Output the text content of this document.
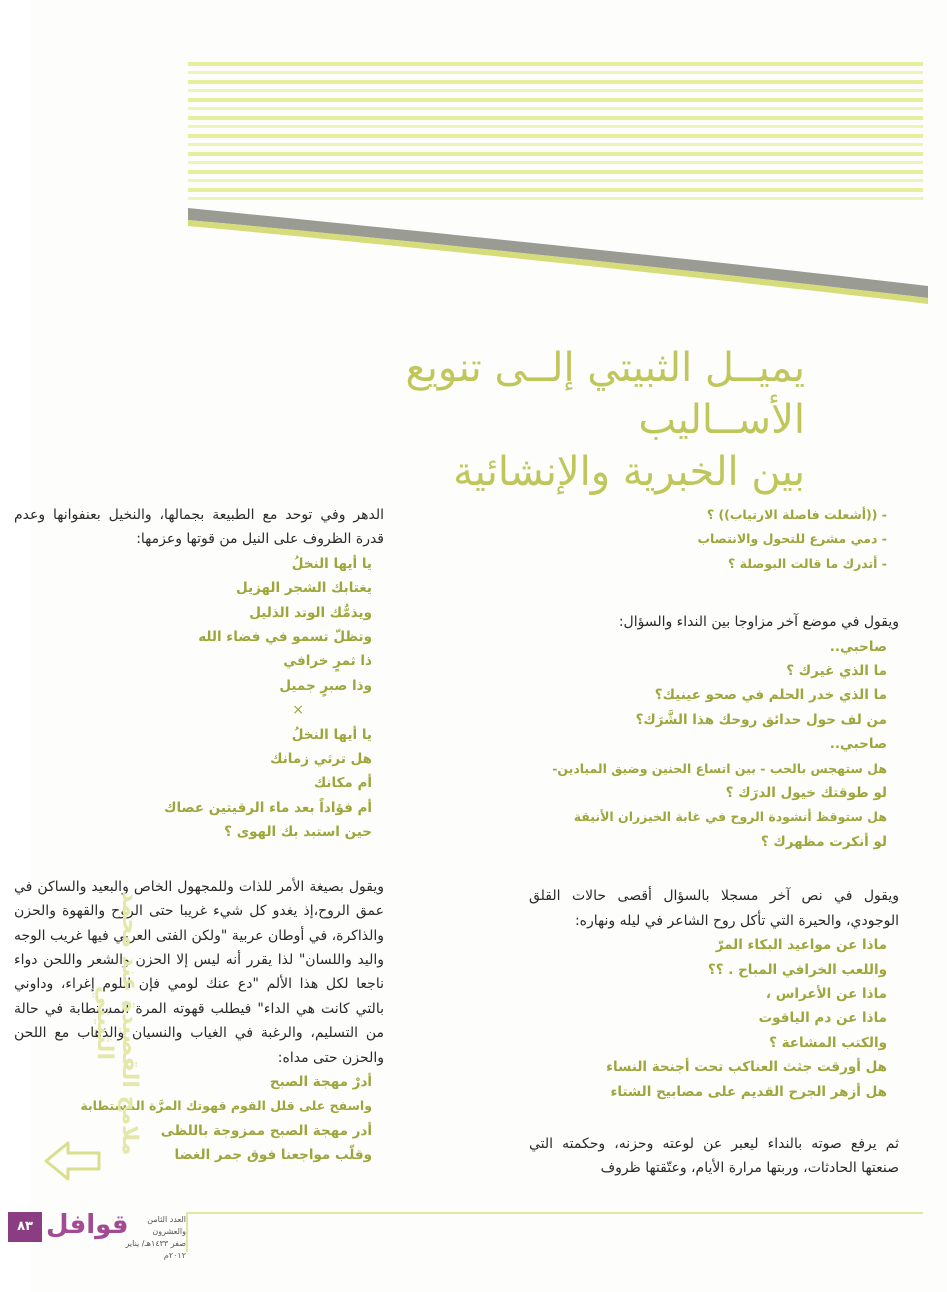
يميــل الثبيتي إلــى تنويع الأســاليب
بين الخبرية والإنشائية

- ((أشعلت فاصلة الارتياب)) ؟

- دمي مشرع للتحول والانتصاب

- أتدرك ما قالت البوصلة ؟

ويقول في موضع آخر مزاوجا بين النداء والسؤال:

صاحبي..

ما الذي غيرك ؟

ما الذي خدر الحلم في صحو عينيك؟

من لف حول حدائق روحك هذا الشَّرَك؟

صاحبي..

هل ستهجس بالحب - بين اتساع الحنين وضيق الميادين-

لو طوقتك خيول الدرَك ؟

هل ستوقظ أنشودة الروح في غابة الخيزران الأنيقة

لو أنكرت مظهرك ؟

ويقول في نص آخر مسجلا بالسؤال أقصى حالات القلق الوجودي، والحيرة التي تأكل روح الشاعر في ليله ونهاره:

ماذا عن مواعيد البكاء المرّ

واللعب الخرافي المباح . ؟؟

ماذا عن الأعراس ،

ماذا عن دم الياقوت

والكتب المشاعة ؟

هل أورقت جثث العناكب تحت أجنحة النساء

هل أزهر الجرح القديم على مصابيح الشتاء

ثم يرفع صوته بالنداء ليعبر عن لوعته وحزنه، وحكمته التي صنعتها الحادثات، وربتها مرارة الأيام، وعتّقتها ظروف

الدهر وفي توحد مع الطبيعة بجمالها، والنخيل بعنفوانها وعدم قدرة الظروف على النيل من قوتها وعزمها:

يا أيها النخلُ

يغتابك الشجر الهزيل

ويذمُّك الوتد الذليل

وتظلّ تسمو في فضاء الله

ذا ثمرٍ خرافي

وذا صبرٍ جميل

×

يا أيها النخلُ

هل ترثي زمانك

أم مكانك

أم فؤاداً بعد ماء الرقيتين عصاك

حين استبد بك الهوى ؟

ويقول بصيغة الأمر للذات وللمجهول الخاص والبعيد والساكن في عمق الروح،إذ يغدو كل شيء غريبا حتى الروح والقهوة والحزن والذاكرة، في أوطان عربية "ولكن الفتى العربي فيها غريب الوجه واليد واللسان" لذا يقرر أنه ليس إلا الحزن والشعر واللحن دواء ناجعا لكل هذا الألم "دع عنك لومي فإن اللوم إغراء، وداوني بالتي كانت هي الداء" فيطلب قهوته المرة المستطابة في حالة من التسليم، والرغبة في الغياب والنسيان والذهاب مع اللحن والحزن حتى مداه:

أدرْ مهجة الصبح

واسفح على قلل القوم قهوتك المرَّة المستطابة

أدر مهجة الصبح ممزوجة باللظى

وقلّب مواجعنا فوق جمر الغضا

ملامح القصيدة عند محمد الثبيتي
٨٣ قوافل	العدد الثامن والعشرون
صفر ١٤٣٣هـ/ يناير ٢٠١٢م
